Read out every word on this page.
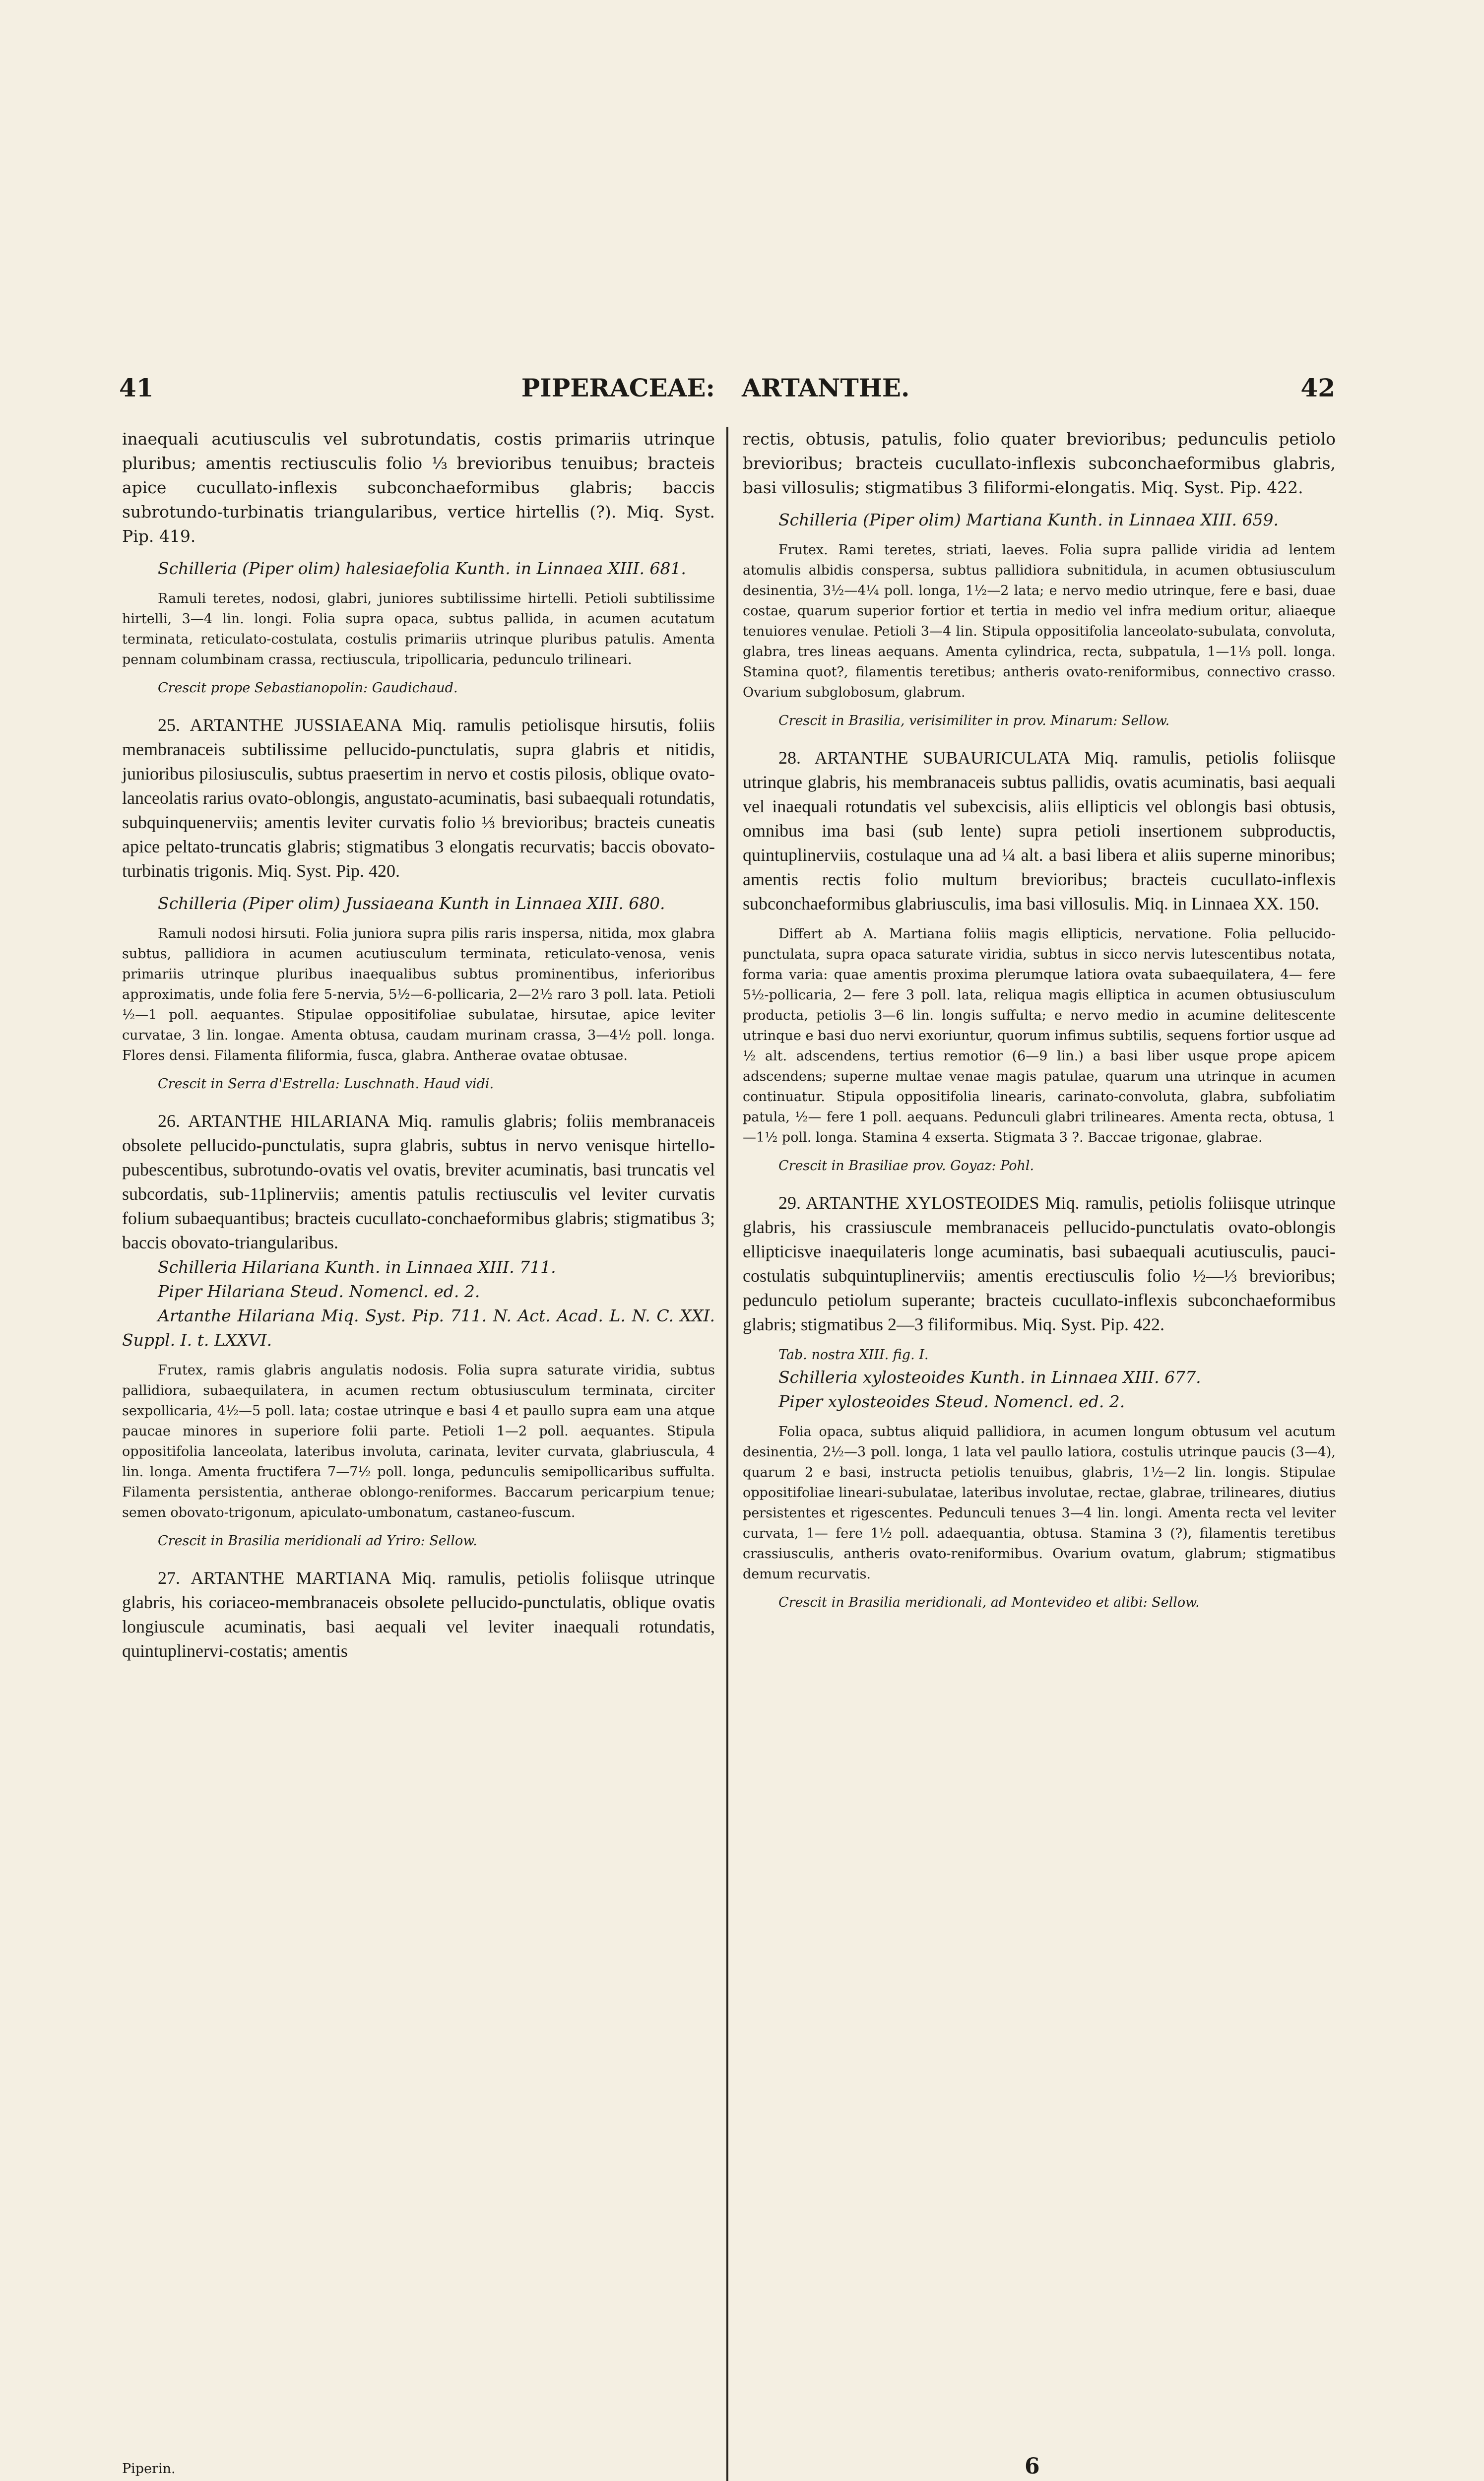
41	PIPERACEAE: ARTANTHE.	42

inaequali acutiusculis vel subrotundatis, costis primariis utrinque pluribus; amentis rectiusculis folio ⅓ brevioribus tenuibus; bracteis apice cucullato-inflexis subconchaeformibus glabris; baccis subrotundo-turbinatis triangularibus, vertice hirtellis (?). Miq. Syst. Pip. 419.

Schilleria (Piper olim) halesiaefolia Kunth. in Linnaea XIII. 681.

Ramuli teretes, nodosi, glabri, juniores subtilissime hirtelli. Petioli subtilissime hirtelli, 3—4 lin. longi. Folia supra opaca, subtus pallida, in acumen acutatum terminata, reticulato-costulata, costulis primariis utrinque pluribus patulis. Amenta pennam columbinam crassa, rectiuscula, tripollicaria, pedunculo trilineari.

Crescit prope Sebastianopolin: Gaudichaud.

25. ARTANTHE JUSSIAEANA Miq. ramulis petiolisque hirsutis, foliis membranaceis subtilissime pellucido-punctulatis, supra glabris et nitidis, junioribus pilosiusculis, subtus praesertim in nervo et costis pilosis, oblique ovato-lanceolatis rarius ovato-oblongis, angustato-acuminatis, basi subaequali rotundatis, subquinquenerviis; amentis leviter curvatis folio ⅓ brevioribus; bracteis cuneatis apice peltato-truncatis glabris; stigmatibus 3 elongatis recurvatis; baccis obovato-turbinatis trigonis. Miq. Syst. Pip. 420.

Schilleria (Piper olim) Jussiaeana Kunth in Linnaea XIII. 680.

Ramuli nodosi hirsuti. Folia juniora supra pilis raris inspersa, nitida, mox glabra subtus, pallidiora in acumen acutiusculum terminata, reticulato-venosa, venis primariis utrinque pluribus inaequalibus subtus prominentibus, inferioribus approximatis, unde folia fere 5-nervia, 5½—6-pollicaria, 2—2½ raro 3 poll. lata. Petioli ½—1 poll. aequantes. Stipulae oppositifoliae subulatae, hirsutae, apice leviter curvatae, 3 lin. longae. Amenta obtusa, caudam murinam crassa, 3—4½ poll. longa. Flores densi. Filamenta filiformia, fusca, glabra. Antherae ovatae obtusae.

Crescit in Serra d'Estrella: Luschnath. Haud vidi.

26. ARTANTHE HILARIANA Miq. ramulis glabris; foliis membranaceis obsolete pellucido-punctulatis, supra glabris, subtus in nervo venisque hirtello-pubescentibus, subrotundo-ovatis vel ovatis, breviter acuminatis, basi truncatis vel subcordatis, sub-11plinerviis; amentis patulis rectiusculis vel leviter curvatis folium subaequantibus; bracteis cucullato-conchaeformibus glabris; stigmatibus 3; baccis obovato-triangularibus.

Schilleria Hilariana Kunth. in Linnaea XIII. 711.

Piper Hilariana Steud. Nomencl. ed. 2.

Artanthe Hilariana Miq. Syst. Pip. 711. N. Act. Acad. L. N. C. XXI. Suppl. I. t. LXXVI.

Frutex, ramis glabris angulatis nodosis. Folia supra saturate viridia, subtus pallidiora, subaequilatera, in acumen rectum obtusiusculum terminata, circiter sexpollicaria, 4½—5 poll. lata; costae utrinque e basi 4 et paullo supra eam una atque paucae minores in superiore folii parte. Petioli 1—2 poll. aequantes. Stipula oppositifolia lanceolata, lateribus involuta, carinata, leviter curvata, glabriuscula, 4 lin. longa. Amenta fructifera 7—7½ poll. longa, pedunculis semipollicaribus suffulta. Filamenta persistentia, antherae oblongo-reniformes. Baccarum pericarpium tenue; semen obovato-trigonum, apiculato-umbonatum, castaneo-fuscum.

Crescit in Brasilia meridionali ad Yriro: Sellow.

27. ARTANTHE MARTIANA Miq. ramulis, petiolis foliisque utrinque glabris, his coriaceo-membranaceis obsolete pellucido-punctulatis, oblique ovatis longiuscule acuminatis, basi aequali vel leviter inaequali rotundatis, quintuplinervi-costatis; amentis

Piperin.

rectis, obtusis, patulis, folio quater brevioribus; pedunculis petiolo brevioribus; bracteis cucullato-inflexis subconchaeformibus glabris, basi villosulis; stigmatibus 3 filiformi-elongatis. Miq. Syst. Pip. 422.

Schilleria (Piper olim) Martiana Kunth. in Linnaea XIII. 659.

Frutex. Rami teretes, striati, laeves. Folia supra pallide viridia ad lentem atomulis albidis conspersa, subtus pallidiora subnitidula, in acumen obtusiusculum desinentia, 3½—4¼ poll. longa, 1½—2 lata; e nervo medio utrinque, fere e basi, duae costae, quarum superior fortior et tertia in medio vel infra medium oritur, aliaeque tenuiores venulae. Petioli 3—4 lin. Stipula oppositifolia lanceolato-subulata, convoluta, glabra, tres lineas aequans. Amenta cylindrica, recta, subpatula, 1—1⅓ poll. longa. Stamina quot?, filamentis teretibus; antheris ovato-reniformibus, connectivo crasso. Ovarium subglobosum, glabrum.

Crescit in Brasilia, verisimiliter in prov. Minarum: Sellow.

28. ARTANTHE SUBAURICULATA Miq. ramulis, petiolis foliisque utrinque glabris, his membranaceis subtus pallidis, ovatis acuminatis, basi aequali vel inaequali rotundatis vel subexcisis, aliis ellipticis vel oblongis basi obtusis, omnibus ima basi (sub lente) supra petioli insertionem subproductis, quintuplinerviis, costulaque una ad ¼ alt. a basi libera et aliis superne minoribus; amentis rectis folio multum brevioribus; bracteis cucullato-inflexis subconchaeformibus glabriusculis, ima basi villosulis. Miq. in Linnaea XX. 150.

Differt ab A. Martiana foliis magis ellipticis, nervatione. Folia pellucido-punctulata, supra opaca saturate viridia, subtus in sicco nervis lutescentibus notata, forma varia: quae amentis proxima plerumque latiora ovata subaequilatera, 4— fere 5½-pollicaria, 2— fere 3 poll. lata, reliqua magis elliptica in acumen obtusiusculum producta, petiolis 3—6 lin. longis suffulta; e nervo medio in acumine delitescente utrinque e basi duo nervi exoriuntur, quorum infimus subtilis, sequens fortior usque ad ½ alt. adscendens, tertius remotior (6—9 lin.) a basi liber usque prope apicem adscendens; superne multae venae magis patulae, quarum una utrinque in acumen continuatur. Stipula oppositifolia linearis, carinato-convoluta, glabra, subfoliatim patula, ½— fere 1 poll. aequans. Pedunculi glabri trilineares. Amenta recta, obtusa, 1—1½ poll. longa. Stamina 4 exserta. Stigmata 3 ?. Baccae trigonae, glabrae.

Crescit in Brasiliae prov. Goyaz: Pohl.

29. ARTANTHE XYLOSTEOIDES Miq. ramulis, petiolis foliisque utrinque glabris, his crassiuscule membranaceis pellucido-punctulatis ovato-oblongis ellipticisve inaequilateris longe acuminatis, basi subaequali acutiusculis, pauci-costulatis subquintuplinerviis; amentis erectiusculis folio ½—⅓ brevioribus; pedunculo petiolum superante; bracteis cucullato-inflexis subconchaeformibus glabris; stigmatibus 2—3 filiformibus. Miq. Syst. Pip. 422.

Tab. nostra XIII. fig. I.

Schilleria xylosteoides Kunth. in Linnaea XIII. 677.

Piper xylosteoides Steud. Nomencl. ed. 2.

Folia opaca, subtus aliquid pallidiora, in acumen longum obtusum vel acutum desinentia, 2½—3 poll. longa, 1 lata vel paullo latiora, costulis utrinque paucis (3—4), quarum 2 e basi, instructa petiolis tenuibus, glabris, 1½—2 lin. longis. Stipulae oppositifoliae lineari-subulatae, lateribus involutae, rectae, glabrae, trilineares, diutius persistentes et rigescentes. Pedunculi tenues 3—4 lin. longi. Amenta recta vel leviter curvata, 1— fere 1½ poll. adaequantia, obtusa. Stamina 3 (?), filamentis teretibus crassiusculis, antheris ovato-reniformibus. Ovarium ovatum, glabrum; stigmatibus demum recurvatis.

Crescit in Brasilia meridionali, ad Montevideo et alibi: Sellow.

6
